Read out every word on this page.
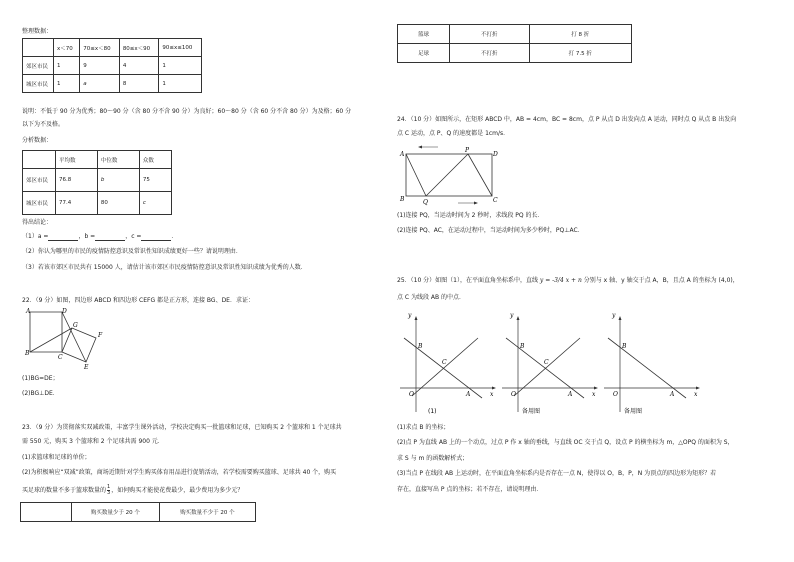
整理数据：
	x＜70	70≤x＜80	80≤x＜90	90≤x≤100
郊区市民	1	9	4	1
城区市民	1	a	8	1
说明：不低于 90 分为优秀；80～90 分（含 80 分不含 90 分）为良好；60～80 分（含 60 分不含 80 分）为及格；60 分
以下为不及格。
分析数据：
	平均数	中位数	众数
郊区市民	76.8	b	75
城区市民	77.4	80	c
得出结论：
（1）a =	，b =	，c =	．
（2）你认为哪里的市民的疫情防控意识及常识性知识成绩更好一些？请说明理由．
（3）若该市郊区市民共有 15000 人，请估计该市郊区市民疫情防控意识及常识性知识成绩为优秀的人数．
22．（9 分）如图，四边形 ABCD 和四边形 CEFG 都是正方形，连接 BG、DE．求证：
A	D
B
C
G
F
E
(1)BG=DE；
(2)BG⊥DE．
23．（9 分）为贯彻落实双减政策，丰富学生课外活动，学校决定购买一批篮球和足球，已知购买 2 个篮球和 1 个足球共
需 550 元，购买 3 个篮球和 2 个足球共需 900 元．
(1)求篮球和足球的单价；
(2)为积极响应“双减”政策，商场近期针对学生购买体育用品进行促销活动，若学校需要购买篮球、足球共 40 个，购买
买足球的数量不多于篮球数量的 $\frac{1}{3}$ ，如何购买才能使花费最少，最少费用为多少元？
	购买数量少于 20 个	购买数量不少于 20 个
篮球	不打折	打 8 折
足球	不打折	打 7.5 折
24．（10 分）如图所示，在矩形 ABCD 中，AB = 4cm，BC = 8cm，点 P 从点 D 出发向点 A 运动，同时点 Q 从点 B 出发向
点 C 运动，点 P、Q 的速度都是 1cm/s．
A
P
D
B	Q	C
(1)连接 PQ，当运动时间为 2 秒时，求线段 PQ 的长．
(2)连接 PQ、AC，在运动过程中，当运动时间为多少秒时，PQ⊥AC．
25．（10 分）如图（1），在平面直角坐标系中，直线 y = -3/4 x + n 分别与 x 轴、y 轴交于点 A，B，且点 A 的坐标为 (4,0)，
点 C 为线段 AB 的中点．
y
x
O	A
B
C
(1)
y
x
O	A
B
C
备用图
y
x
O	A
B
备用图
(1)求点 B 的坐标；
(2)点 P 为直线 AB 上的一个动点，过点 P 作 x 轴的垂线，与直线 OC 交于点 Q，设点 P 的横坐标为 m，△OPQ 的面积为 S，
求 S 与 m 的函数解析式；
(3)当点 P 在线段 AB 上运动时，在平面直角坐标系内是否存在一点 N，使得以 O，B，P，N 为顶点的四边形为矩形？若
存在，直接写出 P 点的坐标；若不存在，请说明理由．
